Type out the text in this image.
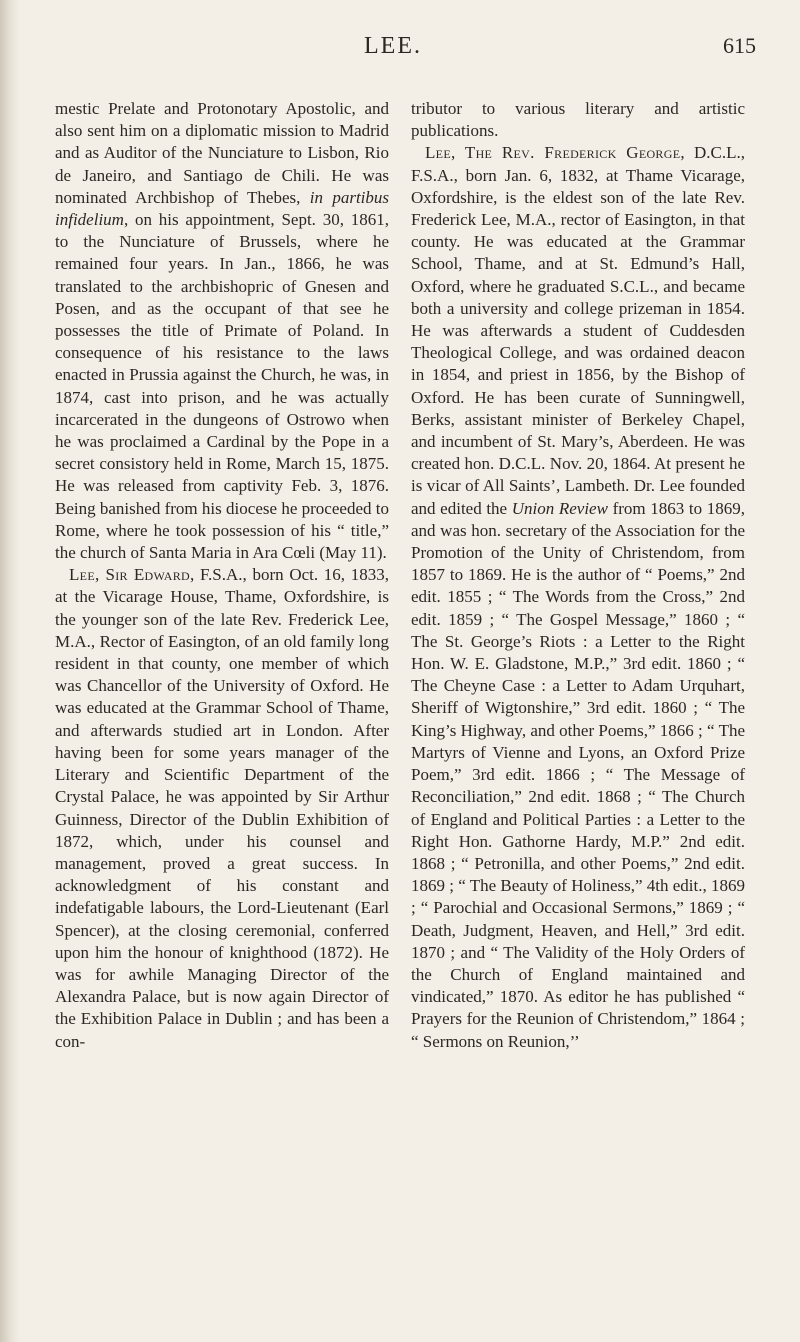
LEE.	615

mestic Prelate and Protonotary Apostolic, and also sent him on a diplomatic mission to Madrid and as Auditor of the Nunciature to Lisbon, Rio de Janeiro, and Santiago de Chili. He was nominated Archbishop of Thebes, in partibus infidelium, on his appointment, Sept. 30, 1861, to the Nunciature of Brussels, where he remained four years. In Jan., 1866, he was translated to the archbishopric of Gnesen and Posen, and as the occupant of that see he possesses the title of Primate of Poland. In consequence of his resistance to the laws enacted in Prussia against the Church, he was, in 1874, cast into prison, and he was actually incarcerated in the dungeons of Ostrowo when he was proclaimed a Cardinal by the Pope in a secret consistory held in Rome, March 15, 1875. He was released from captivity Feb. 3, 1876. Being banished from his diocese he proceeded to Rome, where he took possession of his “ title,” the church of Santa Maria in Ara Cœli (May 11).

Lee, Sir Edward, F.S.A., born Oct. 16, 1833, at the Vicarage House, Thame, Oxfordshire, is the younger son of the late Rev. Frederick Lee, M.A., Rector of Easington, of an old family long resident in that county, one member of which was Chancellor of the University of Oxford. He was educated at the Grammar School of Thame, and afterwards studied art in London. After having been for some years manager of the Literary and Scientific Department of the Crystal Palace, he was appointed by Sir Arthur Guinness, Director of the Dublin Exhibition of 1872, which, under his counsel and management, proved a great success. In acknowledgment of his constant and indefatigable labours, the Lord-Lieutenant (Earl Spencer), at the closing ceremonial, conferred upon him the honour of knighthood (1872). He was for awhile Managing Director of the Alexandra Palace, but is now again Director of the Exhibition Palace in Dublin ; and has been a con-

tributor to various literary and artistic publications.

Lee, The Rev. Frederick George, D.C.L., F.S.A., born Jan. 6, 1832, at Thame Vicarage, Oxfordshire, is the eldest son of the late Rev. Frederick Lee, M.A., rector of Easington, in that county. He was educated at the Grammar School, Thame, and at St. Edmund’s Hall, Oxford, where he graduated S.C.L., and became both a university and college prizeman in 1854. He was afterwards a student of Cuddesden Theological College, and was ordained deacon in 1854, and priest in 1856, by the Bishop of Oxford. He has been curate of Sunningwell, Berks, assistant minister of Berkeley Chapel, and incumbent of St. Mary’s, Aberdeen. He was created hon. D.C.L. Nov. 20, 1864. At present he is vicar of All Saints’, Lambeth. Dr. Lee founded and edited the Union Review from 1863 to 1869, and was hon. secretary of the Association for the Promotion of the Unity of Christendom, from 1857 to 1869. He is the author of “ Poems,” 2nd edit. 1855 ; “ The Words from the Cross,” 2nd edit. 1859 ; “ The Gospel Message,” 1860 ; “ The St. George’s Riots : a Letter to the Right Hon. W. E. Gladstone, M.P.,” 3rd edit. 1860 ; “ The Cheyne Case : a Letter to Adam Urquhart, Sheriff of Wigtonshire,” 3rd edit. 1860 ; “ The King’s Highway, and other Poems,” 1866 ; “ The Martyrs of Vienne and Lyons, an Oxford Prize Poem,” 3rd edit. 1866 ; “ The Message of Reconciliation,” 2nd edit. 1868 ; “ The Church of England and Political Parties : a Letter to the Right Hon. Gathorne Hardy, M.P.” 2nd edit. 1868 ; “ Petronilla, and other Poems,” 2nd edit. 1869 ; “ The Beauty of Holiness,” 4th edit., 1869 ; “ Parochial and Occasional Sermons,” 1869 ; “ Death, Judgment, Heaven, and Hell,” 3rd edit. 1870 ; and “ The Validity of the Holy Orders of the Church of England maintained and vindicated,” 1870. As editor he has published “ Prayers for the Reunion of Christendom,” 1864 ; “ Sermons on Reunion,’’
